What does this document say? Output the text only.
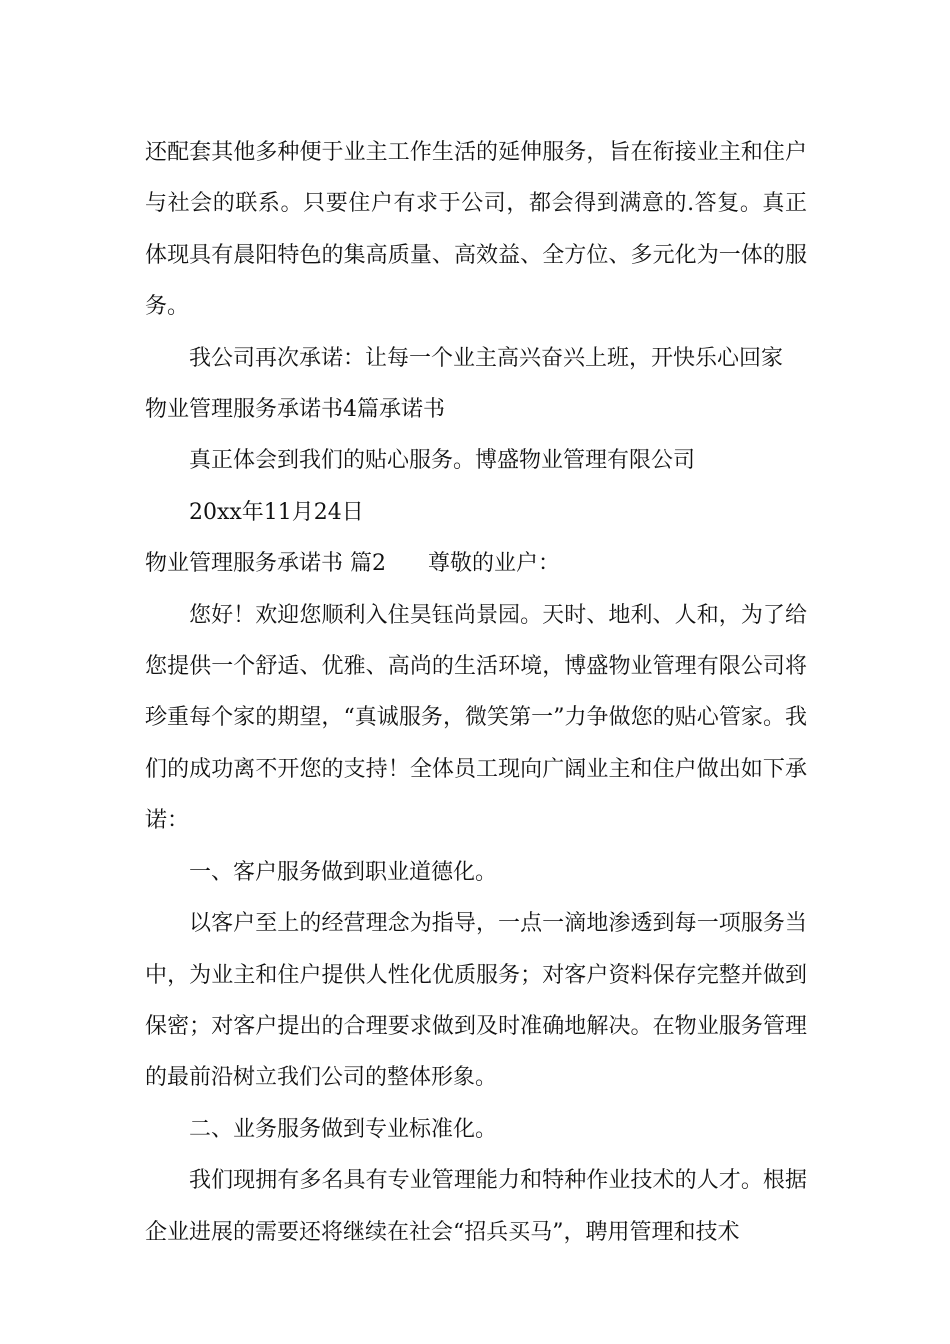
还配套其他多种便于业主工作生活的延伸服务，旨在衔接业主和住户与社会的联系。只要住户有求于公司，都会得到满意的.答复。真正体现具有晨阳特色的集高质量、高效益、全方位、多元化为一体的服务。

我公司再次承诺：让每一个业主高兴奋兴上班，开快乐心回家

物业管理服务承诺书4篇承诺书

真正体会到我们的贴心服务。博盛物业管理有限公司

20xx年11月24日

物业管理服务承诺书 篇2 尊敬的业户：

您好！欢迎您顺利入住昊钰尚景园。天时、地利、人和，为了给您提供一个舒适、优雅、高尚的生活环境，博盛物业管理有限公司将珍重每个家的期望，“真诚服务，微笑第一”力争做您的贴心管家。我们的成功离不开您的支持！全体员工现向广阔业主和住户做出如下承诺：

一、客户服务做到职业道德化。

以客户至上的经营理念为指导，一点一滴地渗透到每一项服务当中，为业主和住户提供人性化优质服务；对客户资料保存完整并做到保密；对客户提出的合理要求做到及时准确地解决。在物业服务管理的最前沿树立我们公司的整体形象。

二、业务服务做到专业标准化。

我们现拥有多名具有专业管理能力和特种作业技术的人才。根据企业进展的需要还将继续在社会“招兵买马”，聘用管理和技术
